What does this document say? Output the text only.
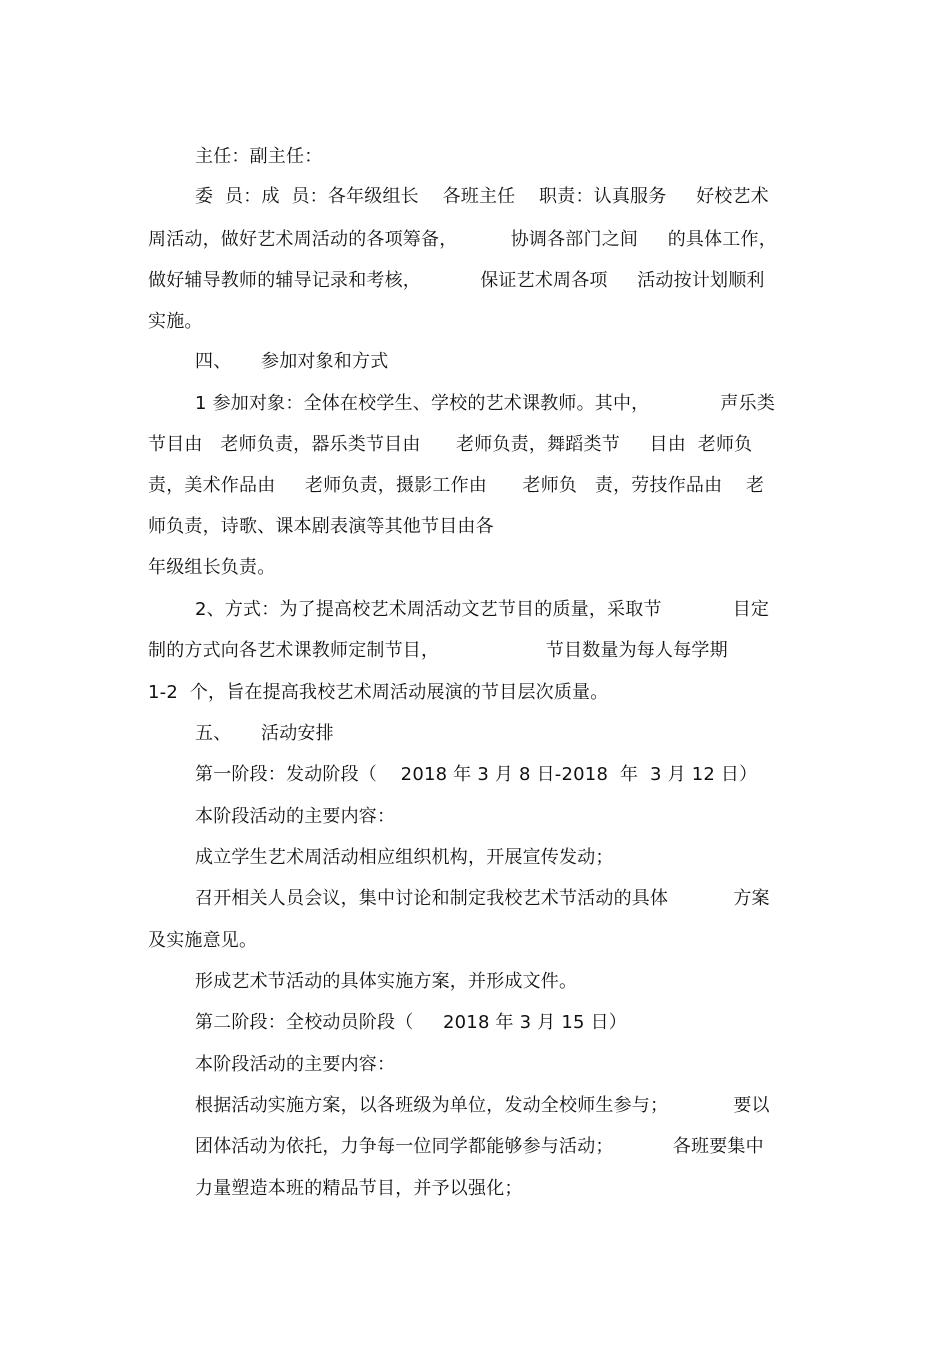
主任：副主任：
委  员：成  员：各年级组长    各班主任    职责：认真服务     好校艺术
周活动，做好艺术周活动的各项筹备，         协调各部门之间     的具体工作，
做好辅导教师的辅导记录和考核，          保证艺术周各项     活动按计划顺利
实施。
四、     参加对象和方式
1 参加对象：全体在校学生、学校的艺术课教师。其中，            声乐类
节目由   老师负责，器乐类节目由      老师负责，舞蹈类节     目由  老师负
责，美术作品由     老师负责，摄影工作由      老师负   责，劳技作品由    老
师负责，诗歌、课本剧表演等其他节目由各
年级组长负责。
2、方式：为了提高校艺术周活动文艺节目的质量，采取节            目定
制的方式向各艺术课教师定制节目，                  节目数量为每人每学期
1-2  个，旨在提高我校艺术周活动展演的节目层次质量。
五、     活动安排
第一阶段：发动阶段（    2018 年 3 月 8 日-2018  年  3 月 12 日）
本阶段活动的主要内容：
成立学生艺术周活动相应组织机构，开展宣传发动；
召开相关人员会议，集中讨论和制定我校艺术节活动的具体           方案
及实施意见。
形成艺术节活动的具体实施方案，并形成文件。
第二阶段：全校动员阶段（     2018 年 3 月 15 日）
本阶段活动的主要内容：
根据活动实施方案，以各班级为单位，发动全校师生参与；           要以
团体活动为依托，力争每一位同学都能够参与活动；          各班要集中
力量塑造本班的精品节目，并予以强化；
